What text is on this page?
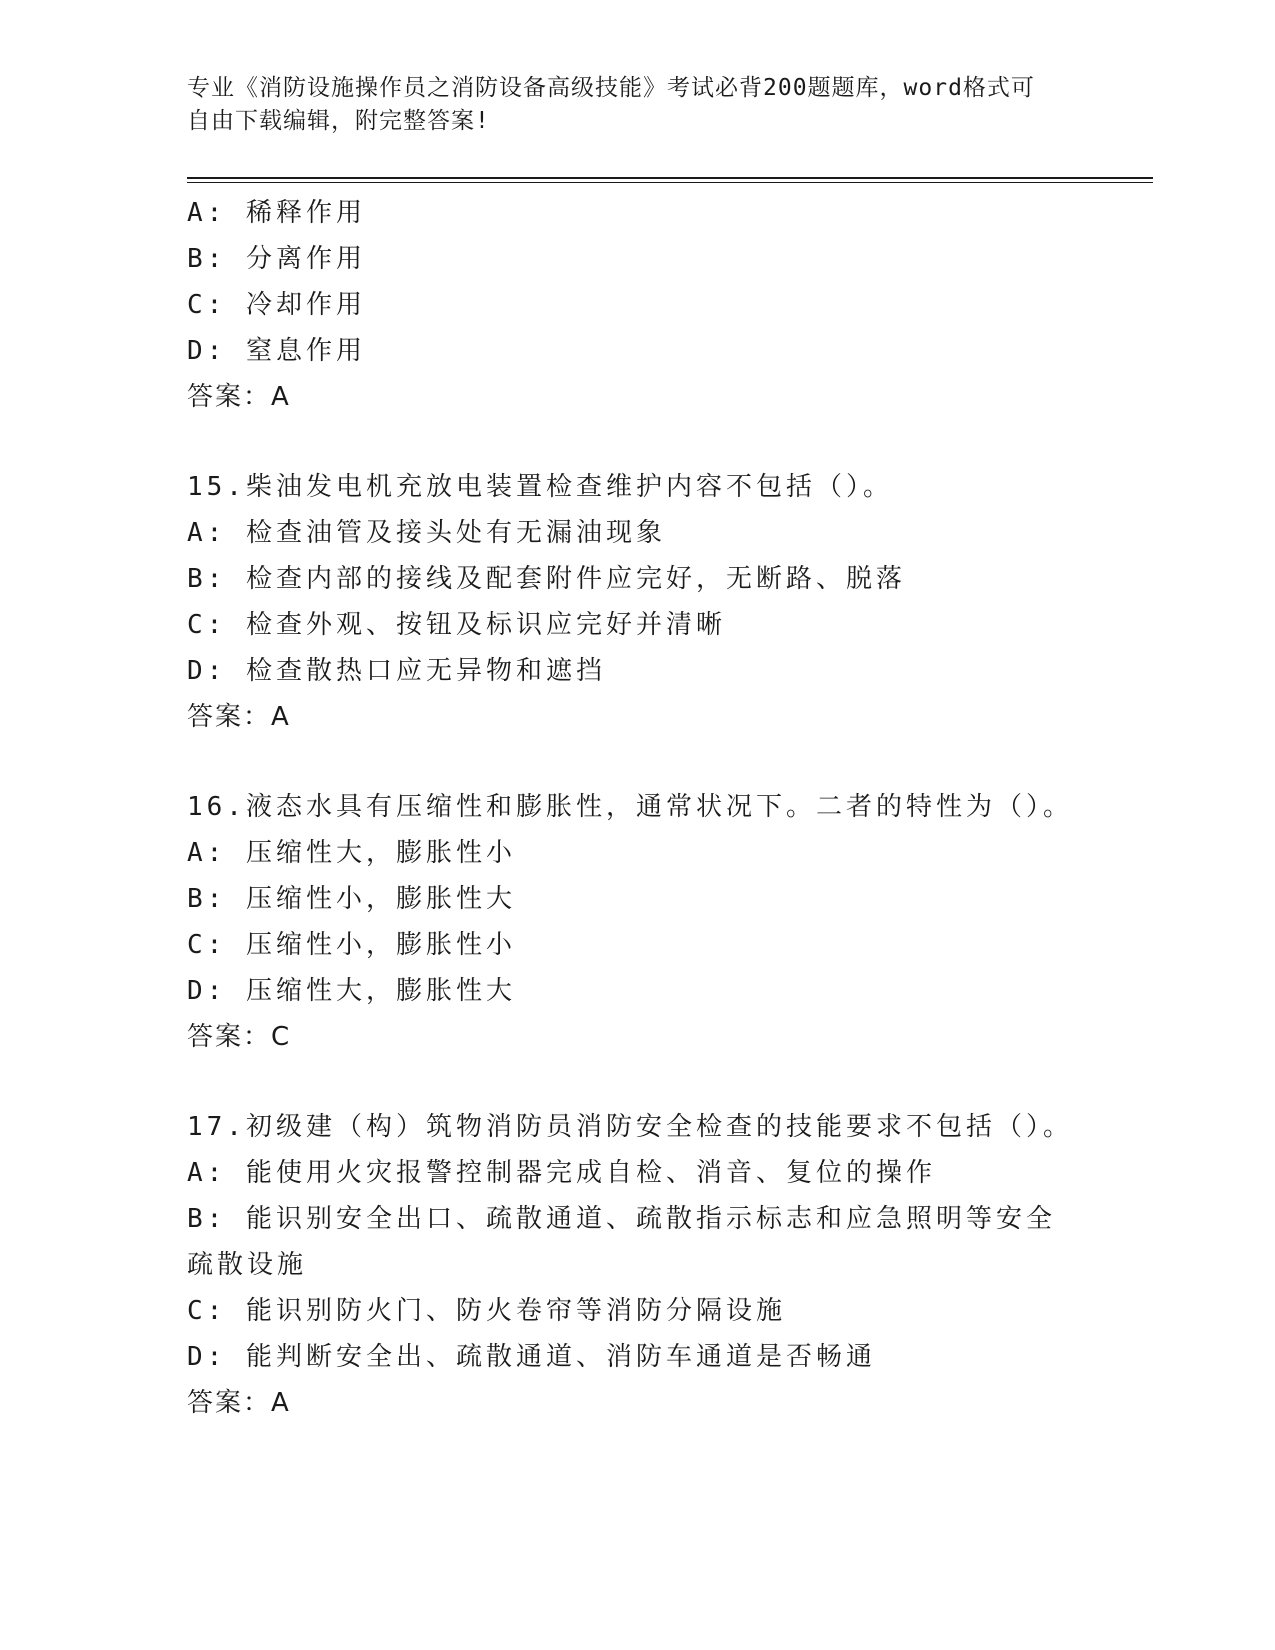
专业《消防设施操作员之消防设备高级技能》考试必背200题题库，word格式可
自由下载编辑，附完整答案!
A: 稀释作用
B: 分离作用
C: 冷却作用
D: 窒息作用
答案：A
15.柴油发电机充放电装置检查维护内容不包括（）。
A: 检查油管及接头处有无漏油现象
B: 检查内部的接线及配套附件应完好，无断路、脱落
C: 检查外观、按钮及标识应完好并清晰
D: 检查散热口应无异物和遮挡
答案：A
16.液态水具有压缩性和膨胀性，通常状况下。二者的特性为（）。
A: 压缩性大，膨胀性小
B: 压缩性小，膨胀性大
C: 压缩性小，膨胀性小
D: 压缩性大，膨胀性大
答案：C
17.初级建（构）筑物消防员消防安全检查的技能要求不包括（）。
A: 能使用火灾报警控制器完成自检、消音、复位的操作
B: 能识别安全出口、疏散通道、疏散指示标志和应急照明等安全疏散设施
C: 能识别防火门、防火卷帘等消防分隔设施
D: 能判断安全出、疏散通道、消防车通道是否畅通
答案：A
